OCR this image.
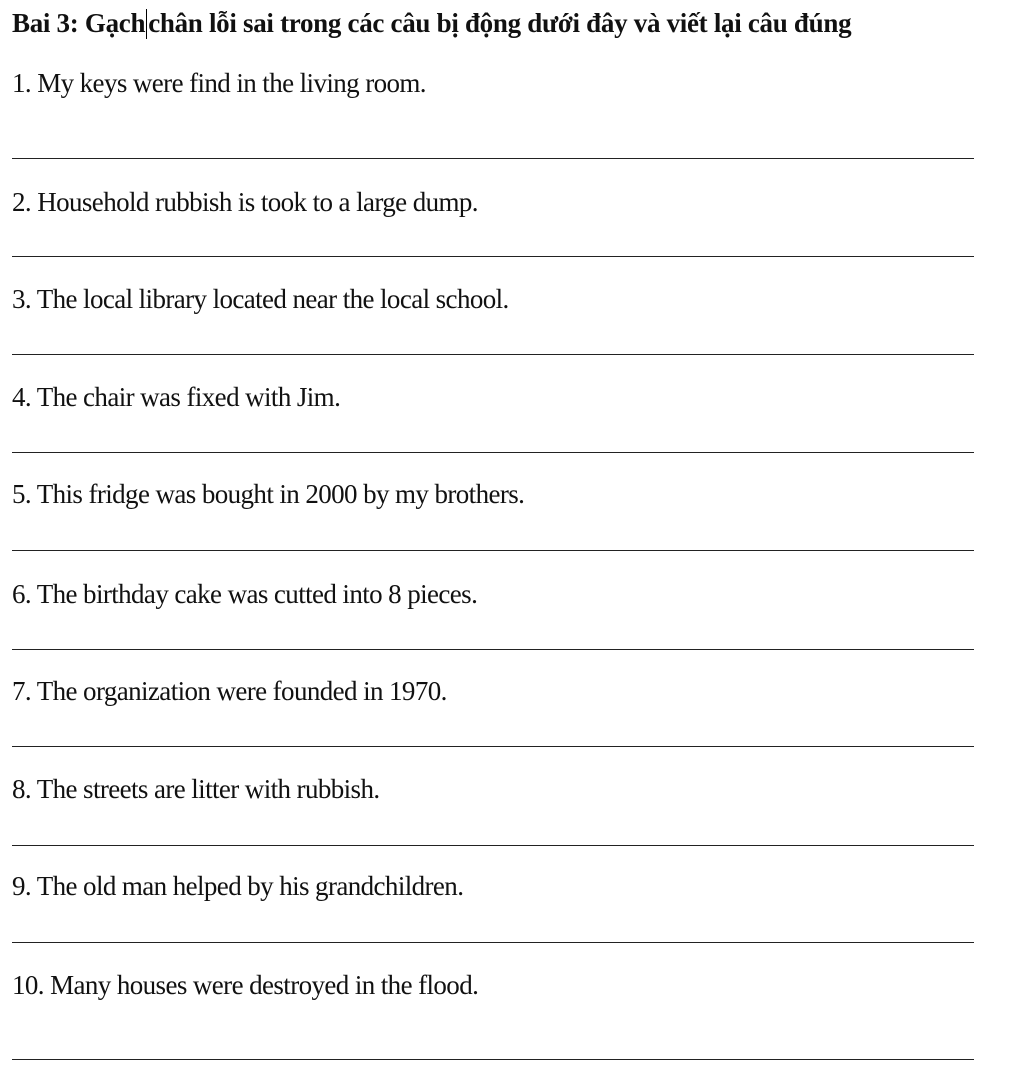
Bai 3: Gạch chân lỗi sai trong các câu bị động dưới đây và viết lại câu đúng
1. My keys were find in the living room.
2. Household rubbish is took to a large dump.
3. The local library located near the local school.
4. The chair was fixed with Jim.
5. This fridge was bought in 2000 by my brothers.
6. The birthday cake was cutted into 8 pieces.
7. The organization were founded in 1970.
8. The streets are litter with rubbish.
9. The old man helped by his grandchildren.
10. Many houses were destroyed in the flood.
